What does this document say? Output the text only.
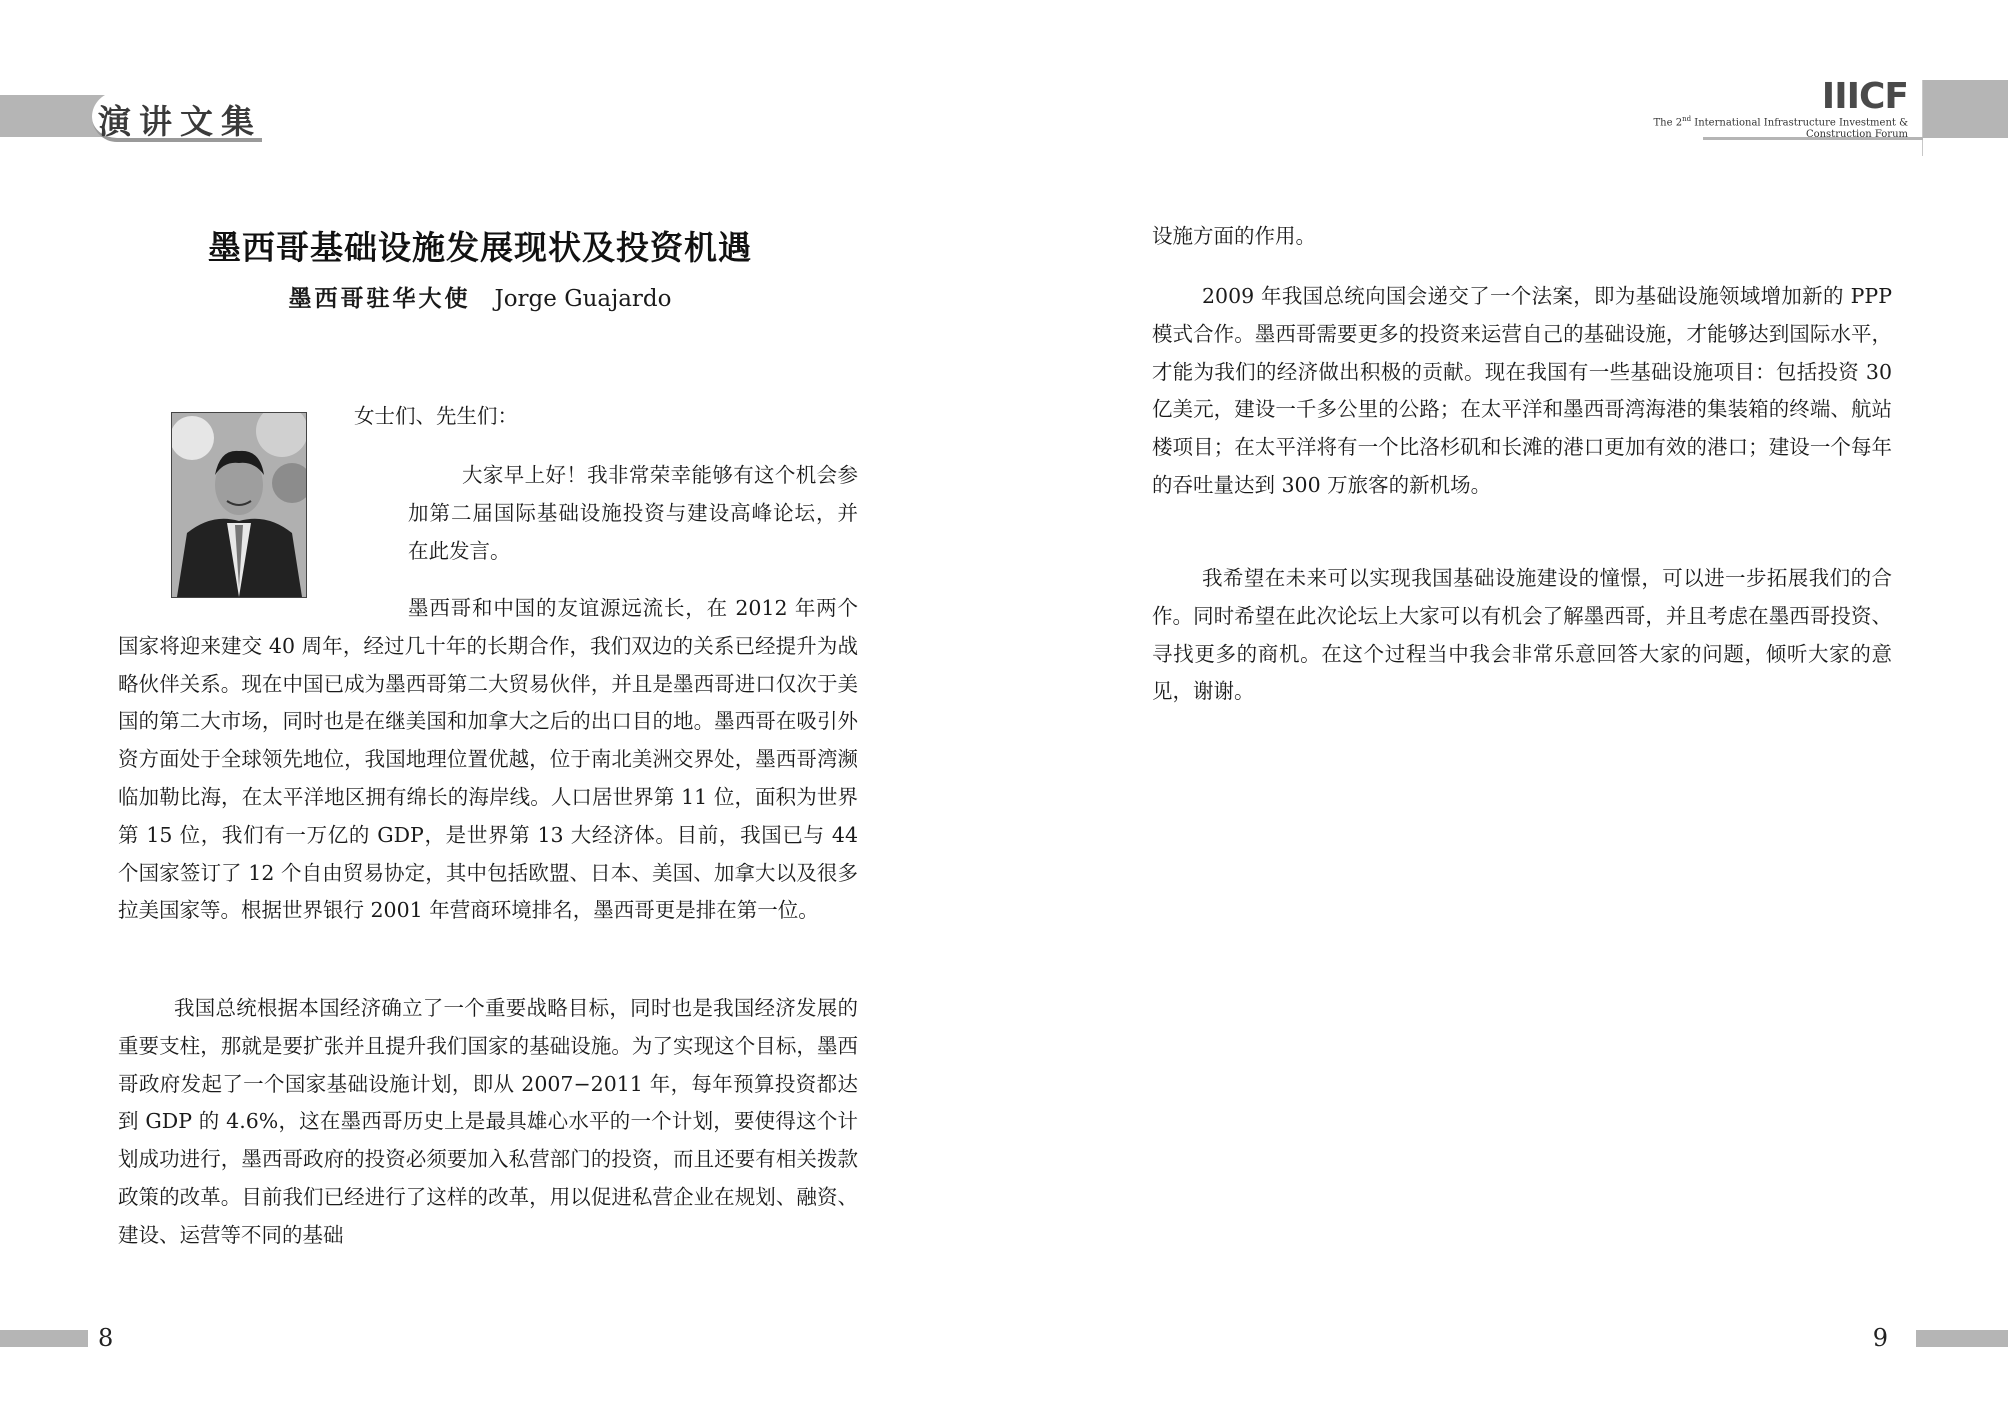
演讲文集
IIICF
The 2nd International Infrastructure Investment &
Construction Forum
墨西哥基础设施发展现状及投资机遇
墨西哥驻华大使 Jorge Guajardo

女士们、先生们：

大家早上好！我非常荣幸能够有这个机会参加第二届国际基础设施投资与建设高峰论坛，并在此发言。

墨西哥和中国的友谊源远流长，在 2012 年两个国家将迎来建交 40 周年，经过几十年的长期合作，我们双边的关系已经提升为战略伙伴关系。现在中国已成为墨西哥第二大贸易伙伴，并且是墨西哥进口仅次于美国的第二大市场，同时也是在继美国和加拿大之后的出口目的地。墨西哥在吸引外资方面处于全球领先地位，我国地理位置优越，位于南北美洲交界处，墨西哥湾濒临加勒比海，在太平洋地区拥有绵长的海岸线。人口居世界第 11 位，面积为世界第 15 位，我们有一万亿的 GDP，是世界第 13 大经济体。目前，我国已与 44 个国家签订了 12 个自由贸易协定，其中包括欧盟、日本、美国、加拿大以及很多拉美国家等。根据世界银行 2001 年营商环境排名，墨西哥更是排在第一位。

我国总统根据本国经济确立了一个重要战略目标，同时也是我国经济发展的重要支柱，那就是要扩张并且提升我们国家的基础设施。为了实现这个目标，墨西哥政府发起了一个国家基础设施计划，即从 2007−2011 年，每年预算投资都达到 GDP 的 4.6%，这在墨西哥历史上是最具雄心水平的一个计划，要使得这个计划成功进行，墨西哥政府的投资必须要加入私营部门的投资，而且还要有相关拨款政策的改革。目前我们已经进行了这样的改革，用以促进私营企业在规划、融资、建设、运营等不同的基础

设施方面的作用。

2009 年我国总统向国会递交了一个法案，即为基础设施领域增加新的 PPP 模式合作。墨西哥需要更多的投资来运营自己的基础设施，才能够达到国际水平，才能为我们的经济做出积极的贡献。现在我国有一些基础设施项目：包括投资 30 亿美元，建设一千多公里的公路；在太平洋和墨西哥湾海港的集装箱的终端、航站楼项目；在太平洋将有一个比洛杉矶和长滩的港口更加有效的港口；建设一个每年的吞吐量达到 300 万旅客的新机场。

我希望在未来可以实现我国基础设施建设的憧憬，可以进一步拓展我们的合作。同时希望在此次论坛上大家可以有机会了解墨西哥，并且考虑在墨西哥投资、寻找更多的商机。在这个过程当中我会非常乐意回答大家的问题，倾听大家的意见，谢谢。

8	9
